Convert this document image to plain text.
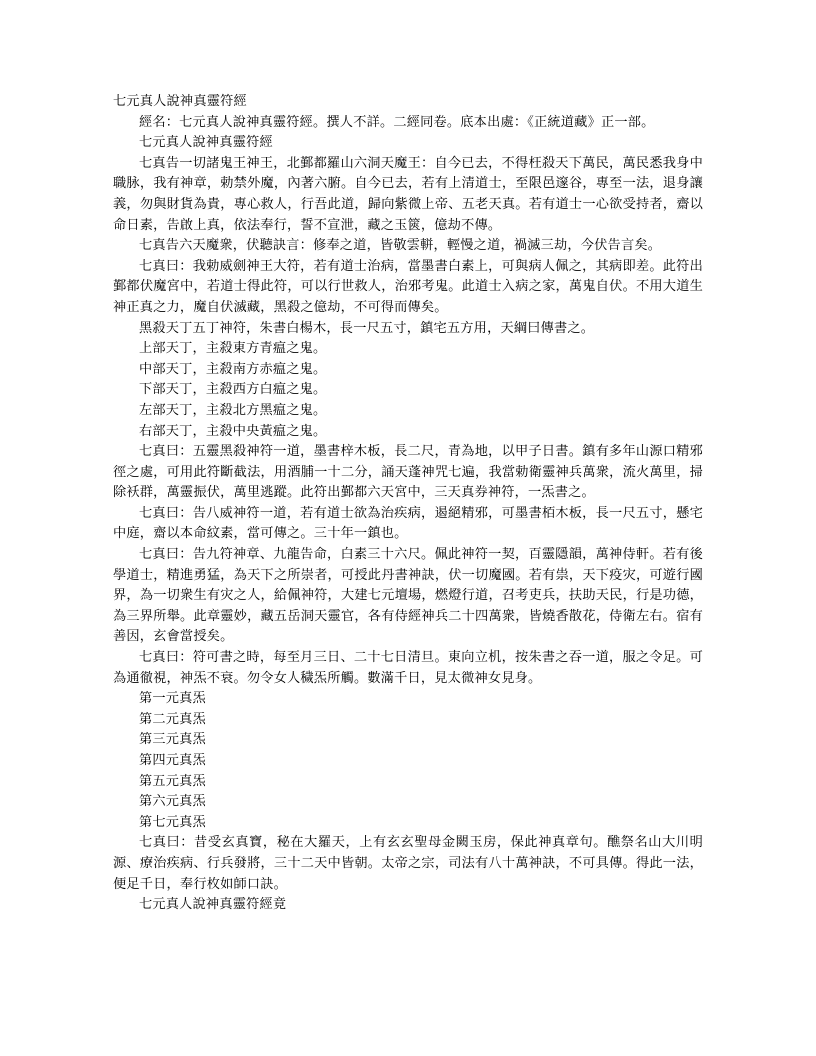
七元真人說神真靈符經

經名：七元真人說神真靈符經。撰人不詳。二經同卷。底本出處：《正統道藏》正一部。

七元真人說神真靈符經

七真告一切諸鬼王神王，北鄞都羅山六洞天魔王：自今已去，不得枉殺天下萬民，萬民悉我身中職脉，我有神章，勅禁外魔，內著六腑。自今已去，若有上清道士，至限邑邃谷，專至一法，退身讓義，勿與財貨為貴，專心救人，行吾此道，歸向紫微上帝、五老天真。若有道士一心欲受持者，齋以命日素，告啟上真，依法奉行，誓不宣泄，藏之玉篋，億劫不傳。

七真告六天魔衆，伏聽訣言：修奉之道，皆敬雲軿，輕慢之道，禍滅三劫，今伏告言矣。

七真曰：我勅威劍神王大符，若有道士治病，當墨書白素上，可與病人佩之，其病即差。此符出鄞都伏魔宮中，若道士得此符，可以行世救人，治邪考鬼。此道士入病之家，萬鬼自伏。不用大道生神正真之力，魔自伏滅藏，黑殺之億劫，不可得而傳矣。

黑殺天丁五丁神符，朱書白楊木，長一尺五寸，鎮宅五方用，天綱曰傳書之。

上部天丁，主殺東方青瘟之鬼。

中部天丁，主殺南方赤瘟之鬼。

下部天丁，主殺西方白瘟之鬼。

左部天丁，主殺北方黑瘟之鬼。

右部天丁，主殺中央黃瘟之鬼。

七真曰：五靈黑殺神符一道，墨書梓木板，長二尺，青為地，以甲子日書。鎮有多年山源口精邪徑之處，可用此符斷截法，用酒脯一十二分，誦天蓬神咒七遍，我當勅衛靈神兵萬衆，流火萬里，掃除袄群，萬靈振伏，萬里逃蹤。此符出鄞都六天宮中，三天真券神符，一炁書之。

七真曰：告八威神符一道，若有道士欲為治疾病，遏絕精邪，可墨書栢木板，長一尺五寸，懸宅中庭，齋以本命紋素，當可傳之。三十年一鎮也。

七真曰：告九符神章、九龍告命，白素三十六尺。佩此神符一契，百靈隱韻，萬神侍軒。若有後學道士，精進勇猛，為天下之所崇者，可授此丹書神訣，伏一切魔國。若有祟，天下疫灾，可遊行國界，為一切衆生有灾之人，給佩神符，大建七元壇場，燃燈行道，召考吏兵，扶助天民，行是功德，為三界所舉。此章靈妙，藏五岳洞天靈官，各有侍經神兵二十四萬衆，皆燒香散花，侍衛左右。宿有善因，玄會當授矣。

七真曰：符可書之時，每至月三日、二十七日清旦。東向立机，按朱書之吞一道，服之令足。可為通徹視，神炁不衰。勿令女人穢炁所觸。數滿千日，見太微神女見身。

第一元真炁

第二元真炁

第三元真炁

第四元真炁

第五元真炁

第六元真炁

第七元真炁

七真曰：昔受玄真寶，秘在大羅天，上有玄玄聖母金闕玉房，保此神真章句。醮祭名山大川明源、療治疾病、行兵發將，三十二天中皆朝。太帝之宗，司法有八十萬神訣，不可具傳。得此一法，便足千日，奉行枚如師口訣。

七元真人說神真靈符經竟
